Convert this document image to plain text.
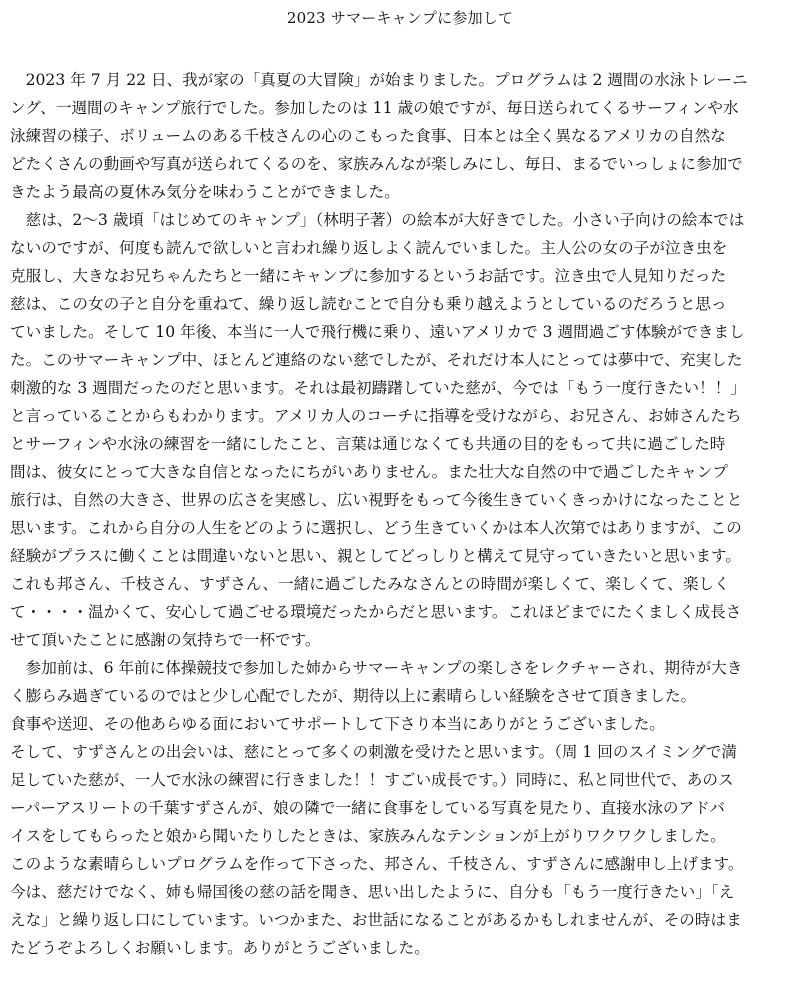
2023 サマーキャンプに参加して
　2023 年 7 月 22 日、我が家の「真夏の大冒険」が始まりました。プログラムは 2 週間の水泳トレーニ
ング、一週間のキャンプ旅行でした。参加したのは 11 歳の娘ですが、毎日送られてくるサーフィンや水
泳練習の様子、ボリュームのある千枝さんの心のこもった食事、日本とは全く異なるアメリカの自然な
どたくさんの動画や写真が送られてくるのを、家族みんなが楽しみにし、毎日、まるでいっしょに参加で
きたよう最高の夏休み気分を味わうことができました。
　慈は、2～3 歳頃「はじめてのキャンプ」（林明子著）の絵本が大好きでした。小さい子向けの絵本では
ないのですが、何度も読んで欲しいと言われ繰り返しよく読んでいました。主人公の女の子が泣き虫を
克服し、大きなお兄ちゃんたちと一緒にキャンプに参加するというお話です。泣き虫で人見知りだった
慈は、この女の子と自分を重ねて、繰り返し読むことで自分も乗り越えようとしているのだろうと思っ
ていました。そして 10 年後、本当に一人で飛行機に乗り、遠いアメリカで 3 週間過ごす体験ができまし
た。このサマーキャンプ中、ほとんど連絡のない慈でしたが、それだけ本人にとっては夢中で、充実した
刺激的な 3 週間だったのだと思います。それは最初躊躇していた慈が、今では「もう一度行きたい！！」
と言っていることからもわかります。アメリカ人のコーチに指導を受けながら、お兄さん、お姉さんたち
とサーフィンや水泳の練習を一緒にしたこと、言葉は通じなくても共通の目的をもって共に過ごした時
間は、彼女にとって大きな自信となったにちがいありません。また壮大な自然の中で過ごしたキャンプ
旅行は、自然の大きさ、世界の広さを実感し、広い視野をもって今後生きていくきっかけになったことと
思います。これから自分の人生をどのように選択し、どう生きていくかは本人次第ではありますが、この
経験がプラスに働くことは間違いないと思い、親としてどっしりと構えて見守っていきたいと思います。
これも邦さん、千枝さん、すずさん、一緒に過ごしたみなさんとの時間が楽しくて、楽しくて、楽しく
て・・・・温かくて、安心して過ごせる環境だったからだと思います。これほどまでにたくましく成長さ
せて頂いたことに感謝の気持ちで一杯です。
　参加前は、6 年前に体操競技で参加した姉からサマーキャンプの楽しさをレクチャーされ、期待が大き
く膨らみ過ぎているのではと少し心配でしたが、期待以上に素晴らしい経験をさせて頂きました。
食事や送迎、その他あらゆる面においてサポートして下さり本当にありがとうございました。
そして、すずさんとの出会いは、慈にとって多くの刺激を受けたと思います。（周 1 回のスイミングで満
足していた慈が、一人で水泳の練習に行きました！！すごい成長です。）同時に、私と同世代で、あのス
ーパーアスリートの千葉すずさんが、娘の隣で一緒に食事をしている写真を見たり、直接水泳のアドバ
イスをしてもらったと娘から聞いたりしたときは、家族みんなテンションが上がりワクワクしました。
このような素晴らしいプログラムを作って下さった、邦さん、千枝さん、すずさんに感謝申し上げます。
今は、慈だけでなく、姉も帰国後の慈の話を聞き、思い出したように、自分も「もう一度行きたい」「え
えな」と繰り返し口にしています。いつかまた、お世話になることがあるかもしれませんが、その時はま
たどうぞよろしくお願いします。ありがとうございました。
